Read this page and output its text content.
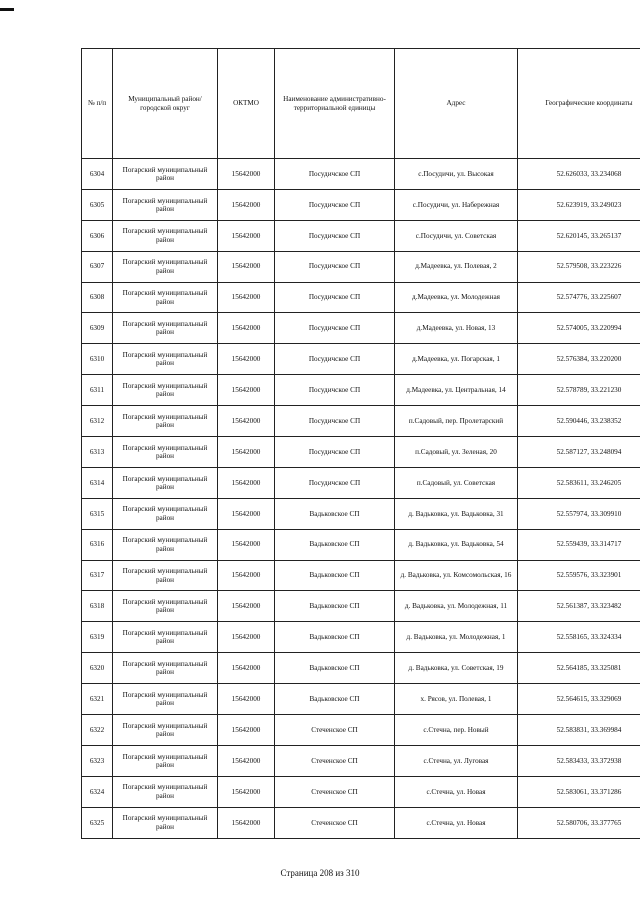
№ п/п	Муниципальный район/городской округ	ОКТМО	Наименование административно-территориальной единицы	Адрес	Географические координаты
6304	Погарский муниципальный район	15642000	Посудичское СП	с.Посудичи, ул. Высокая	52.626033, 33.234068
6305	Погарский муниципальный район	15642000	Посудичское СП	с.Посудичи, ул. Набережная	52.623919, 33.249023
6306	Погарский муниципальный район	15642000	Посудичское СП	с.Посудичи, ул. Советская	52.620145, 33.265137
6307	Погарский муниципальный район	15642000	Посудичское СП	д.Мадеевка, ул. Полевая, 2	52.579508, 33.223226
6308	Погарский муниципальный район	15642000	Посудичское СП	д.Мадеевка, ул. Молодежная	52.574776, 33.225607
6309	Погарский муниципальный район	15642000	Посудичское СП	д.Мадеевка, ул. Новая, 13	52.574005, 33.220994
6310	Погарский муниципальный район	15642000	Посудичское СП	д.Мадеевка, ул. Погарская, 1	52.576384, 33.220200
6311	Погарский муниципальный район	15642000	Посудичское СП	д.Мадеевка, ул. Центральная, 14	52.578789, 33.221230
6312	Погарский муниципальный район	15642000	Посудичское СП	п.Садовый, пер. Пролетарский	52.590446, 33.238352
6313	Погарский муниципальный район	15642000	Посудичское СП	п.Садовый, ул. Зеленая, 20	52.587127, 33.248094
6314	Погарский муниципальный район	15642000	Посудичское СП	п.Садовый, ул. Советская	52.583611, 33.246205
6315	Погарский муниципальный район	15642000	Вадьковское СП	д. Вадьковка, ул. Вадьковка, 31	52.557974, 33.309910
6316	Погарский муниципальный район	15642000	Вадьковское СП	д. Вадьковка, ул. Вадьковка, 54	52.559439, 33.314717
6317	Погарский муниципальный район	15642000	Вадьковское СП	д. Вадьковка, ул. Комсомольская, 16	52.559576, 33.323901
6318	Погарский муниципальный район	15642000	Вадьковское СП	д. Вадьковка, ул. Молодежная, 11	52.561387, 33.323482
6319	Погарский муниципальный район	15642000	Вадьковское СП	д. Вадьковка, ул. Молодежная, 1	52.558165, 33.324334
6320	Погарский муниципальный район	15642000	Вадьковское СП	д. Вадьковка, ул. Советская, 19	52.564185, 33.325081
6321	Погарский муниципальный район	15642000	Вадьковское СП	х. Рясов, ул. Полевая, 1	52.564615, 33.329069
6322	Погарский муниципальный район	15642000	Стеченское СП	с.Стечна, пер. Новый	52.583831, 33.369984
6323	Погарский муниципальный район	15642000	Стеченское СП	с.Стечна, ул. Луговая	52.583433, 33.372938
6324	Погарский муниципальный район	15642000	Стеченское СП	с.Стечна, ул. Новая	52.583061, 33.371286
6325	Погарский муниципальный район	15642000	Стеченское СП	с.Стечна, ул. Новая	52.580706, 33.377765
Страница 208 из 310
